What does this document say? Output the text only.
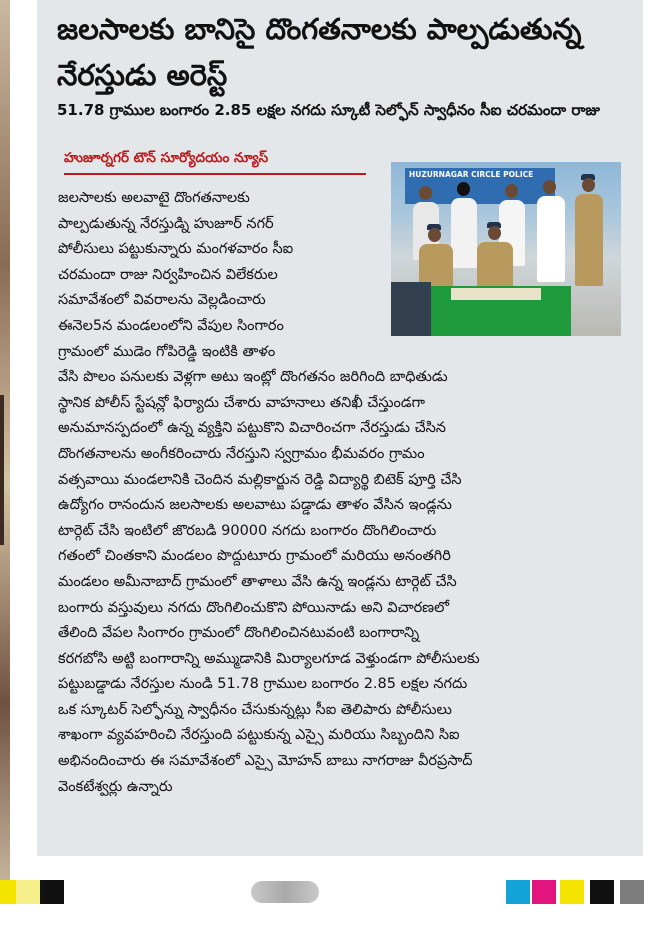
జలసాలకు బానిసై దొంగతనాలకు పాల్పడుతున్న నేరస్తుడు అరెస్ట్
51.78 గ్రాముల బంగారం 2.85 లక్షల నగదు స్కూటీ సెల్ఫోన్ స్వాధీనం సీఐ చరమందా రాజు
హుజూర్నగర్ టౌన్ సూర్యోదయం న్యూస్
HUZURNAGAR CIRCLE POLICE
జలసాలకు అలవాటై దొంగతనాలకు
పాల్పడుతున్న నేరస్తుడ్ని హుజూర్ నగర్
పోలీసులు పట్టుకున్నారు మంగళవారం సీఐ
చరమందా రాజు నిర్వహించిన విలేకరుల
సమావేశంలో వివరాలను వెల్లడించారు
ఈనెల5న మండలంలోని వేపుల సింగారం
గ్రామంలో ముడెం గోపిరెడ్డి ఇంటికి తాళం
వేసి పొలం పనులకు వెళ్లగా అటు ఇంట్లో దొంగతనం జరిగింది బాధితుడు
స్థానిక పోలీస్ స్టేషన్లో ఫిర్యాదు చేశారు వాహనాలు తనిఖీ చేస్తుండగా
అనుమానస్పదంలో ఉన్న వ్యక్తిని పట్టుకొని విచారించగా నేరస్తుడు చేసిన
దొంగతనాలను అంగీకరించారు నేరస్తుని స్వగ్రామం భీమవరం గ్రామం
వత్సవాయి మండలానికి చెందిన మల్లికార్జున రెడ్డి విద్యార్థి బిటెక్ పూర్తి చేసి
ఉద్యోగం రానందున జలసాలకు అలవాటు పడ్డాడు తాళం వేసిన ఇండ్లను
టార్గెట్ చేసి ఇంటిలో జొరబడి 90000 నగదు బంగారం దొంగిలించారు
గతంలో చింతకాని మండలం పొద్దుటూరు గ్రామంలో మరియు అనంతగిరి
మండలం అమీనాబాద్ గ్రామంలో తాళాలు వేసి ఉన్న ఇండ్లను టార్గెట్ చేసి
బంగారు వస్తువులు నగదు దొంగిలించుకొని పోయినాడు అని విచారణలో
తేలింది వేపల సింగారం గ్రామంలో దొంగిలించినటువంటి బంగారాన్ని
కరగబోసి అట్టి బంగారాన్ని అమ్ముడానికి మిర్యాలగూడ వెళ్తుండగా పోలీసులకు
పట్టుబడ్డాడు నేరస్తుల నుండి 51.78 గ్రాముల బంగారం 2.85 లక్షల నగదు
ఒక స్కూటర్ సెల్ఫోన్ను స్వాధీనం చేసుకున్నట్లు సీఐ తెలిపారు పోలీసులు
శాఖంగా వ్యవహరించి నేరస్తుంది పట్టుకున్న ఎస్సై మరియు సిబ్బందిని సిఐ
అభినందించారు ఈ సమావేశంలో ఎస్సై మోహన్ బాబు నాగరాజు వీరప్రసాద్
వెంకటేశ్వర్లు ఉన్నారు
